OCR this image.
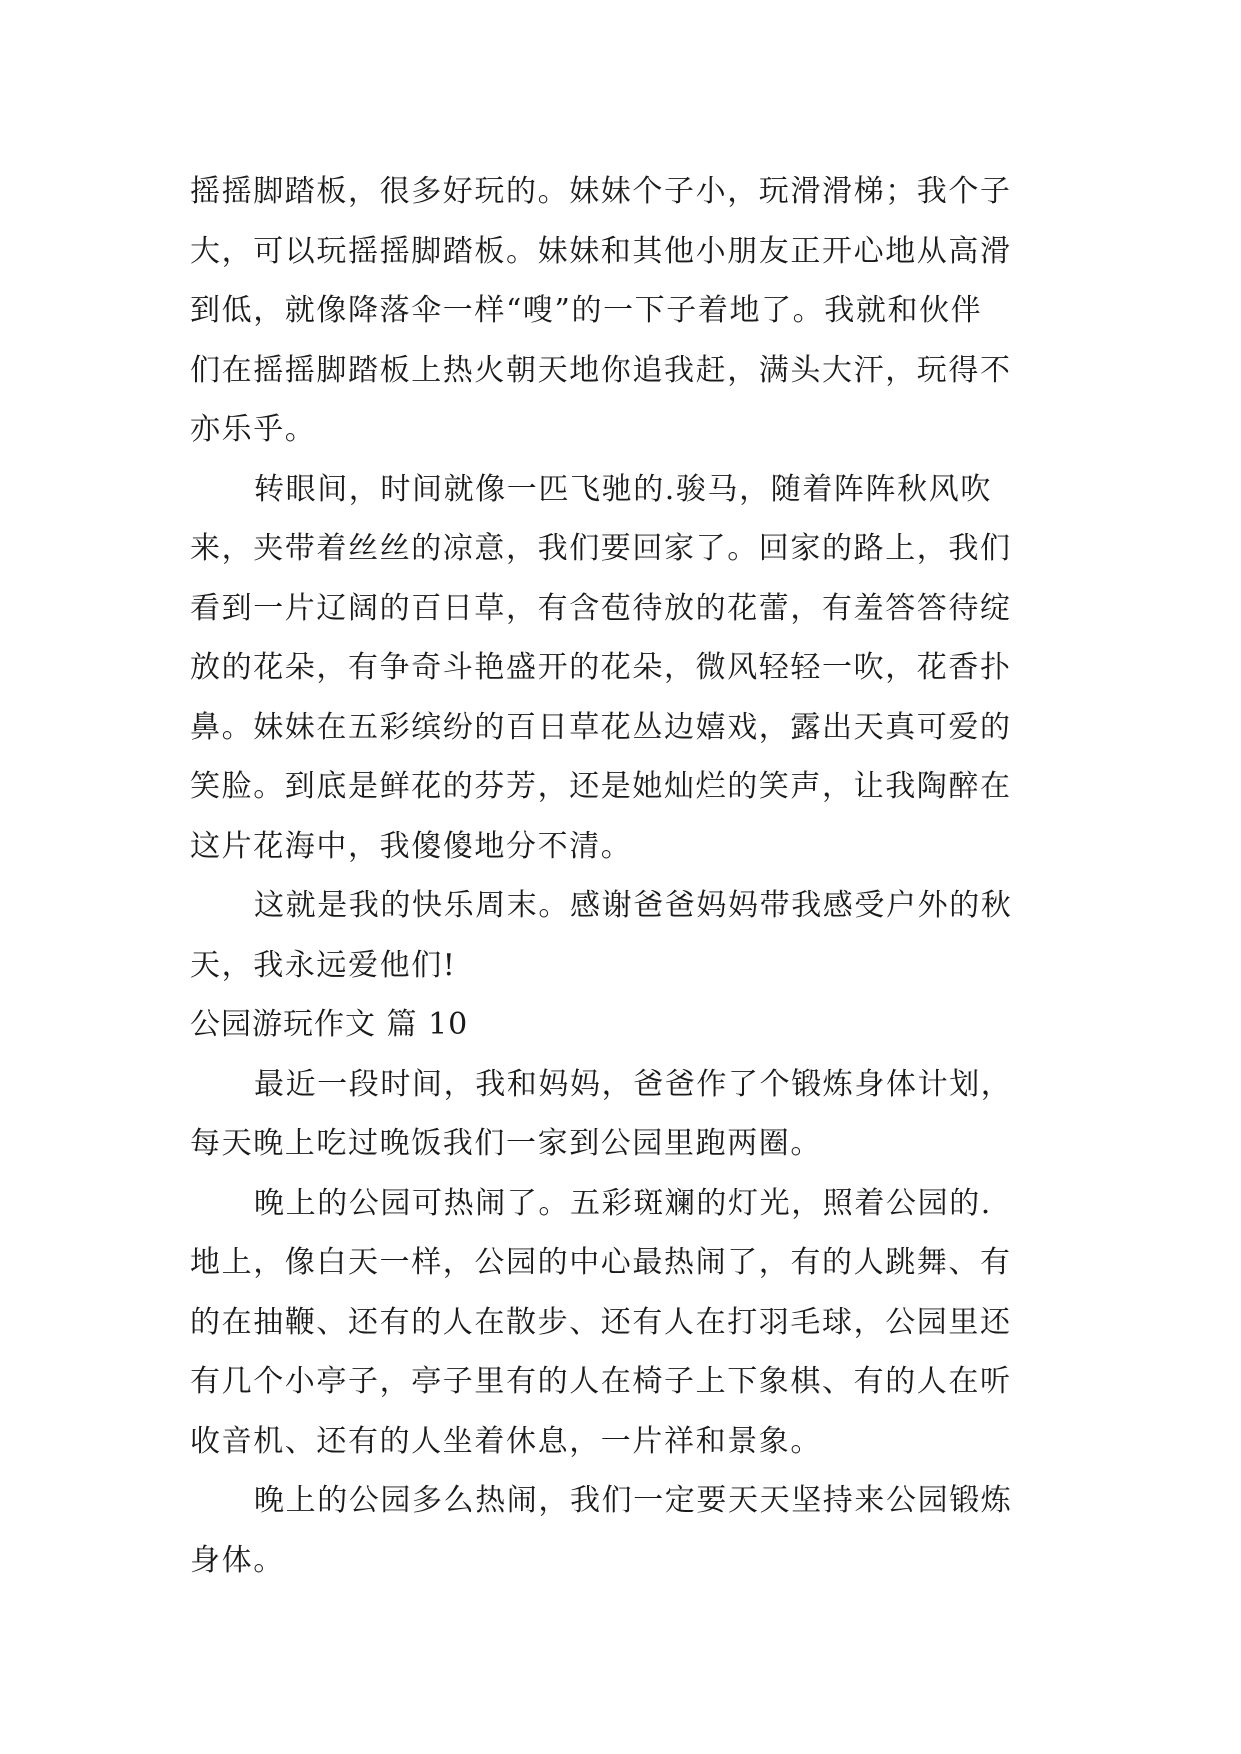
摇摇脚踏板，很多好玩的。妹妹个子小，玩滑滑梯；我个子
大，可以玩摇摇脚踏板。妹妹和其他小朋友正开心地从高滑
到低，就像降落伞一样“嗖”的一下子着地了。我就和伙伴
们在摇摇脚踏板上热火朝天地你追我赶，满头大汗，玩得不
亦乐乎。
转眼间，时间就像一匹飞驰的.骏马，随着阵阵秋风吹
来，夹带着丝丝的凉意，我们要回家了。回家的路上，我们
看到一片辽阔的百日草，有含苞待放的花蕾，有羞答答待绽
放的花朵，有争奇斗艳盛开的花朵，微风轻轻一吹，花香扑
鼻。妹妹在五彩缤纷的百日草花丛边嬉戏，露出天真可爱的
笑脸。到底是鲜花的芬芳，还是她灿烂的笑声，让我陶醉在
这片花海中，我傻傻地分不清。
这就是我的快乐周末。感谢爸爸妈妈带我感受户外的秋
天，我永远爱他们!
公园游玩作文 篇 10
最近一段时间，我和妈妈，爸爸作了个锻炼身体计划，
每天晚上吃过晚饭我们一家到公园里跑两圈。
晚上的公园可热闹了。五彩斑斓的灯光，照着公园的.
地上，像白天一样，公园的中心最热闹了，有的人跳舞、有
的在抽鞭、还有的人在散步、还有人在打羽毛球，公园里还
有几个小亭子，亭子里有的人在椅子上下象棋、有的人在听
收音机、还有的人坐着休息，一片祥和景象。
晚上的公园多么热闹，我们一定要天天坚持来公园锻炼
身体。
